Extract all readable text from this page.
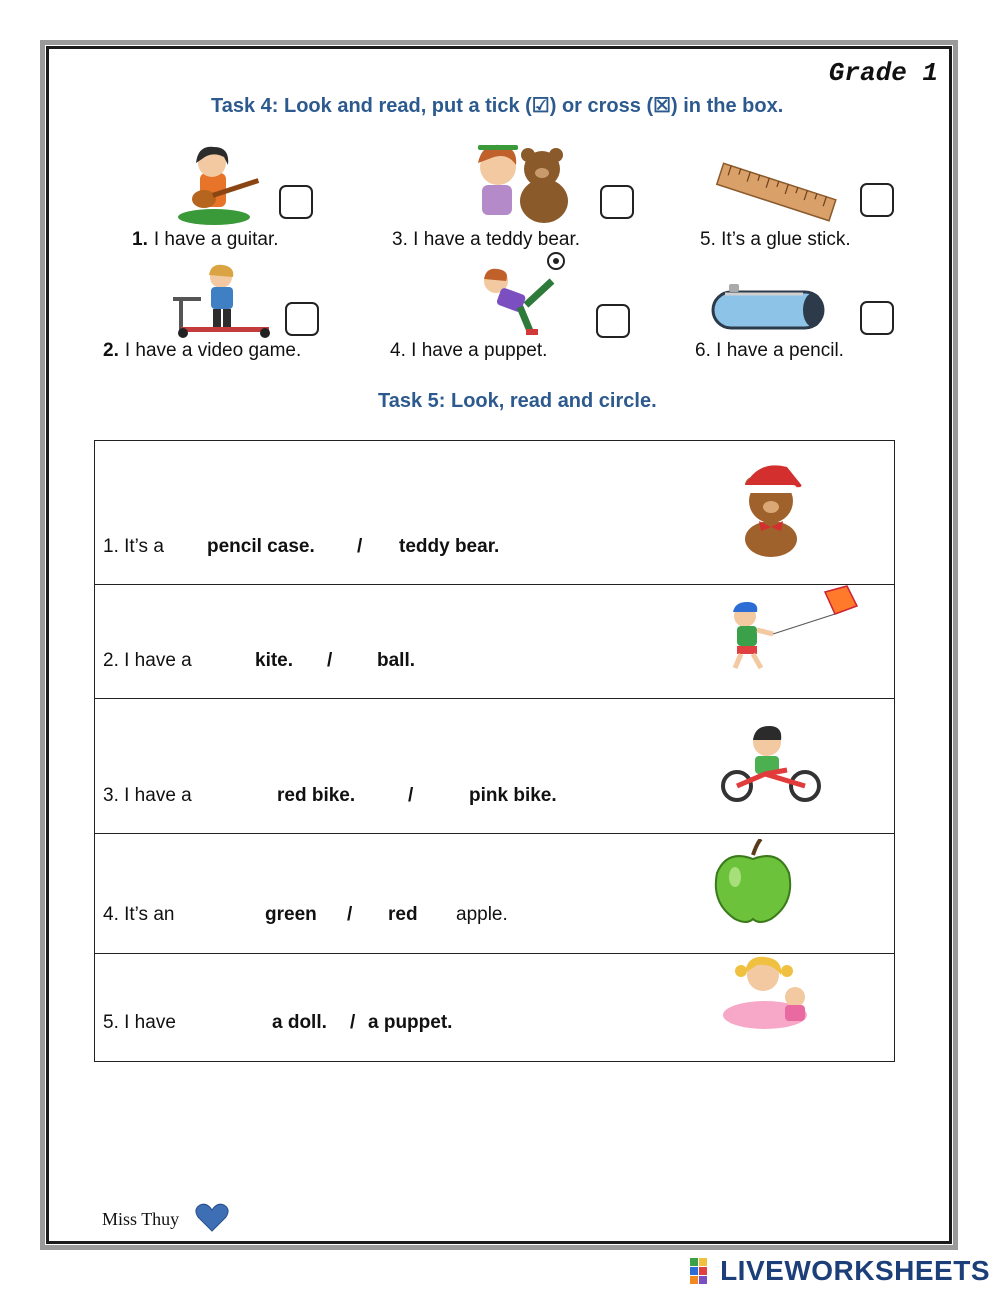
Grade 1
Task 4: Look and read, put a tick (☑) or cross (☒) in the box.
1. I have a guitar.
2. I have a video game.
3. I have a teddy bear.
4. I have a puppet.
5. It’s a glue stick.
6. I have a pencil.
Task 5: Look, read and circle.
1. It’s a pencil case. / teddy bear.
2. I have a	kite. / ball.
3. I have a	red bike.	/	pink bike.
4. It’s an	green / red apple.
5. I have	a doll. / a puppet.
Miss Thuy
LIVEWORKSHEETS
